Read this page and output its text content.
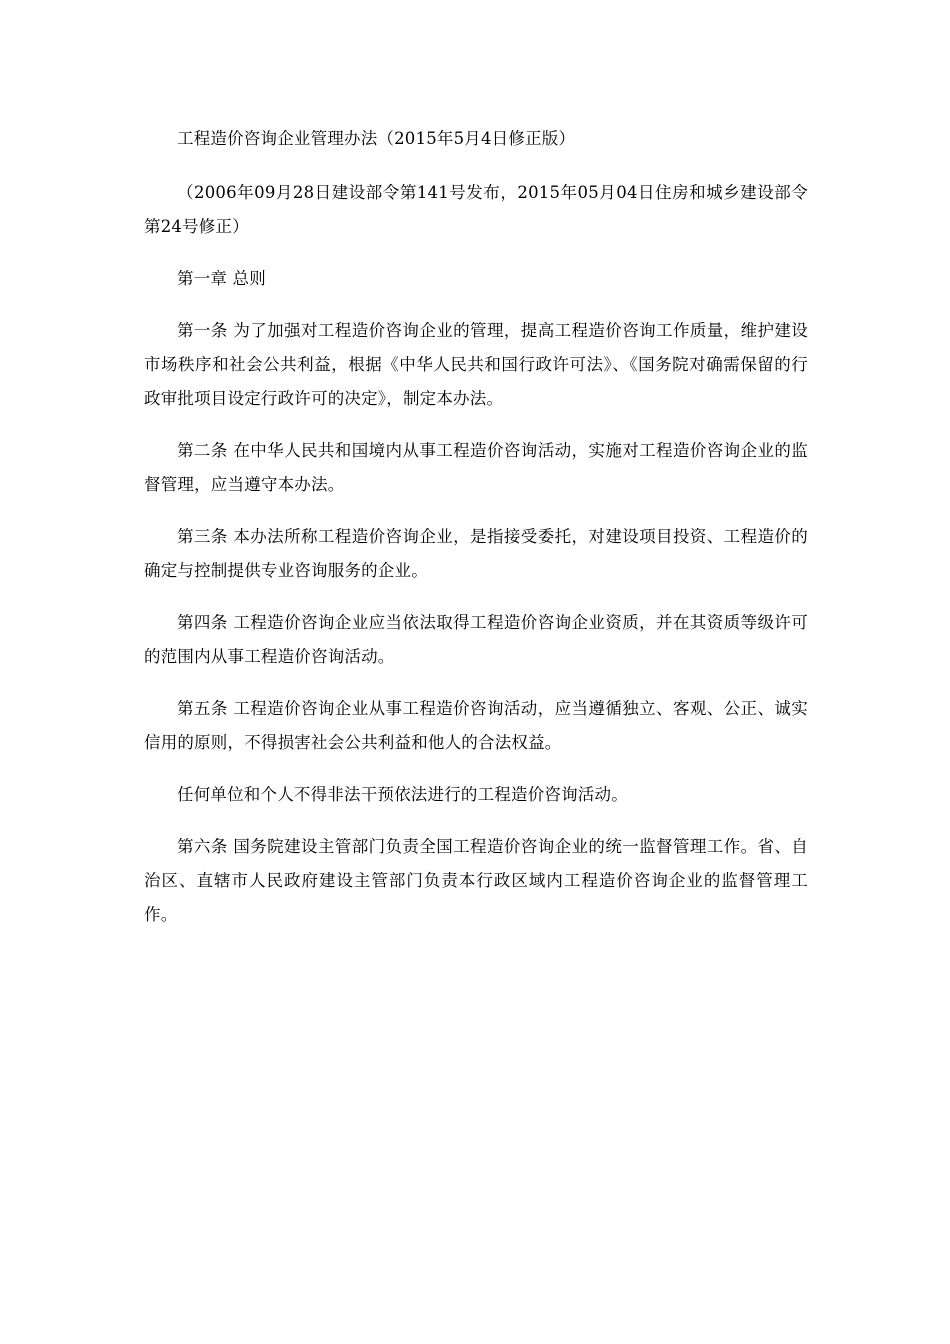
工程造价咨询企业管理办法（2015年5月4日修正版）

（2006年09月28日建设部令第141号发布，2015年05月04日住房和城乡建设部令第24号修正）

第一章 总则

第一条 为了加强对工程造价咨询企业的管理，提高工程造价咨询工作质量，维护建设市场秩序和社会公共利益，根据《中华人民共和国行政许可法》、《国务院对确需保留的行政审批项目设定行政许可的决定》，制定本办法。

第二条 在中华人民共和国境内从事工程造价咨询活动，实施对工程造价咨询企业的监督管理，应当遵守本办法。

第三条 本办法所称工程造价咨询企业，是指接受委托，对建设项目投资、工程造价的确定与控制提供专业咨询服务的企业。

第四条 工程造价咨询企业应当依法取得工程造价咨询企业资质，并在其资质等级许可的范围内从事工程造价咨询活动。

第五条 工程造价咨询企业从事工程造价咨询活动，应当遵循独立、客观、公正、诚实信用的原则，不得损害社会公共利益和他人的合法权益。

任何单位和个人不得非法干预依法进行的工程造价咨询活动。

第六条 国务院建设主管部门负责全国工程造价咨询企业的统一监督管理工作。省、自治区、直辖市人民政府建设主管部门负责本行政区域内工程造价咨询企业的监督管理工作。
